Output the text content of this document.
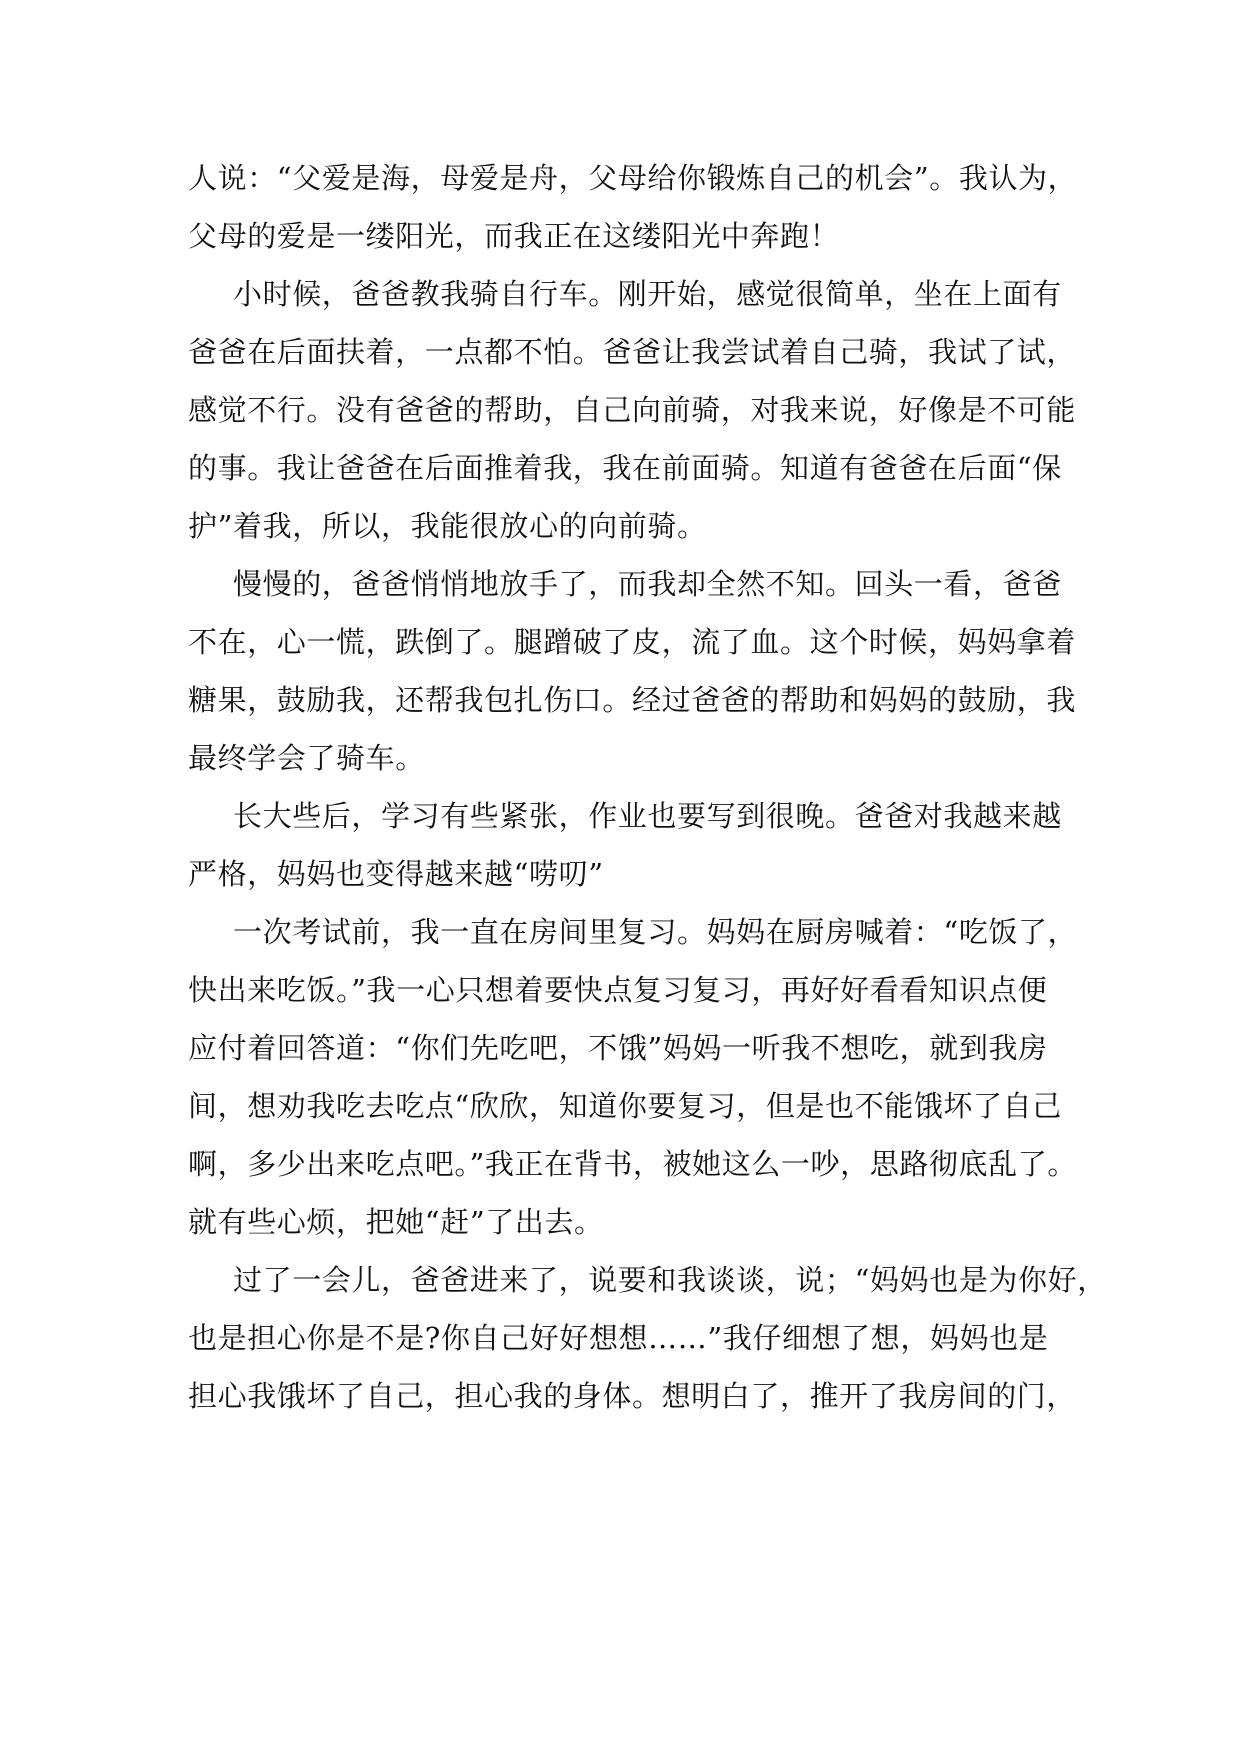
人说：“父爱是海，母爱是舟，父母给你锻炼自己的机会”。我认为，
父母的爱是一缕阳光，而我正在这缕阳光中奔跑！
小时候，爸爸教我骑自行车。刚开始，感觉很简单，坐在上面有
爸爸在后面扶着，一点都不怕。爸爸让我尝试着自己骑，我试了试，
感觉不行。没有爸爸的帮助，自己向前骑，对我来说，好像是不可能
的事。我让爸爸在后面推着我，我在前面骑。知道有爸爸在后面“保
护”着我，所以，我能很放心的向前骑。
慢慢的，爸爸悄悄地放手了，而我却全然不知。回头一看，爸爸
不在，心一慌，跌倒了。腿蹭破了皮，流了血。这个时候，妈妈拿着
糖果，鼓励我，还帮我包扎伤口。经过爸爸的帮助和妈妈的鼓励，我
最终学会了骑车。
长大些后，学习有些紧张，作业也要写到很晚。爸爸对我越来越
严格，妈妈也变得越来越“唠叨”
一次考试前，我一直在房间里复习。妈妈在厨房喊着：“吃饭了，
快出来吃饭。”我一心只想着要快点复习复习，再好好看看知识点便
应付着回答道：“你们先吃吧，不饿”妈妈一听我不想吃，就到我房
间，想劝我吃去吃点“欣欣，知道你要复习，但是也不能饿坏了自己
啊，多少出来吃点吧。”我正在背书，被她这么一吵，思路彻底乱了。
就有些心烦，把她“赶”了出去。
过了一会儿，爸爸进来了，说要和我谈谈，说；“妈妈也是为你好，
也是担心你是不是?你自己好好想想……”我仔细想了想，妈妈也是
担心我饿坏了自己，担心我的身体。想明白了，推开了我房间的门，
